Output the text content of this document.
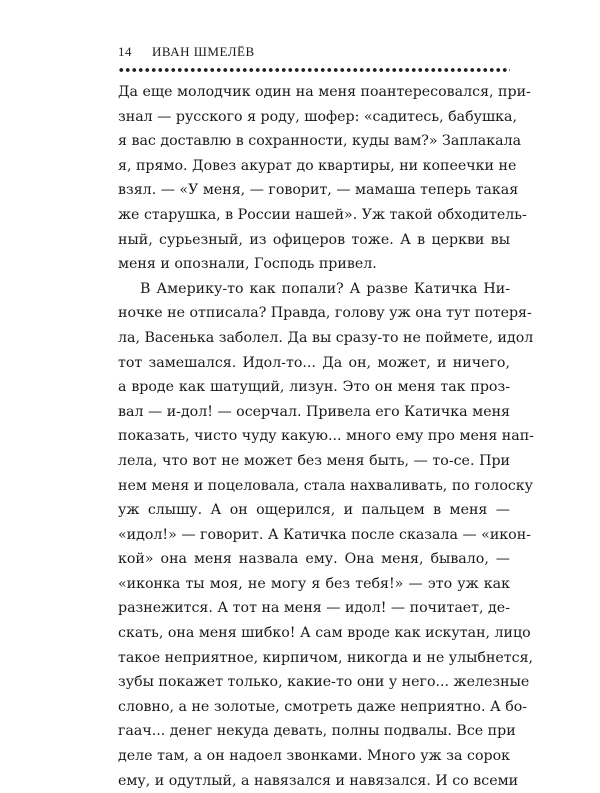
14 ИВАН ШМЕЛЁВ
Да еще молодчик один на меня поантересовался, при-
знал — русского я роду, шофер: «садитесь, бабушка,
я вас доставлю в сохранности, куды вам?» Заплакала
я, прямо. Довез акурат до квартиры, ни копеечки не
взял. — «У меня, — говорит, — мамаша теперь такая
же старушка, в России нашей». Уж такой обходитель-
ный, сурьезный, из офицеров тоже. А в церкви вы
меня и опознали, Господь привел.
В Америку-то как попали? А разве Катичка Ни-
ночке не отписала? Правда, голову уж она тут потеря-
ла, Васенька заболел. Да вы сразу-то не поймете, идол
тот замешался. Идол-то... Да он, может, и ничего,
а вроде как шатущий, лизун. Это он меня так проз-
вал — и-дол! — осерчал. Привела его Катичка меня
показать, чисто чуду какую... много ему про меня нап-
лела, что вот не может без меня быть, — то-се. При
нем меня и поцеловала, стала нахваливать, по голоску
уж слышу. А он ощерился, и пальцем в меня —
«идол!» — говорит. А Катичка после сказала — «икон-
кой» она меня назвала ему. Она меня, бывало, —
«иконка ты моя, не могу я без тебя!» — это уж как
разнежится. А тот на меня — идол! — почитает, де-
скать, она меня шибко! А сам вроде как искутан, лицо
такое неприятное, кирпичом, никогда и не улыбнется,
зубы покажет только, какие-то они у него... железные
словно, а не золотые, смотреть даже неприятно. А бо-
гаач... денег некуда девать, полны подвалы. Все при
деле там, а он надоел звонками. Много уж за сорок
ему, и одутлый, а навязался и навязался. И со всеми
